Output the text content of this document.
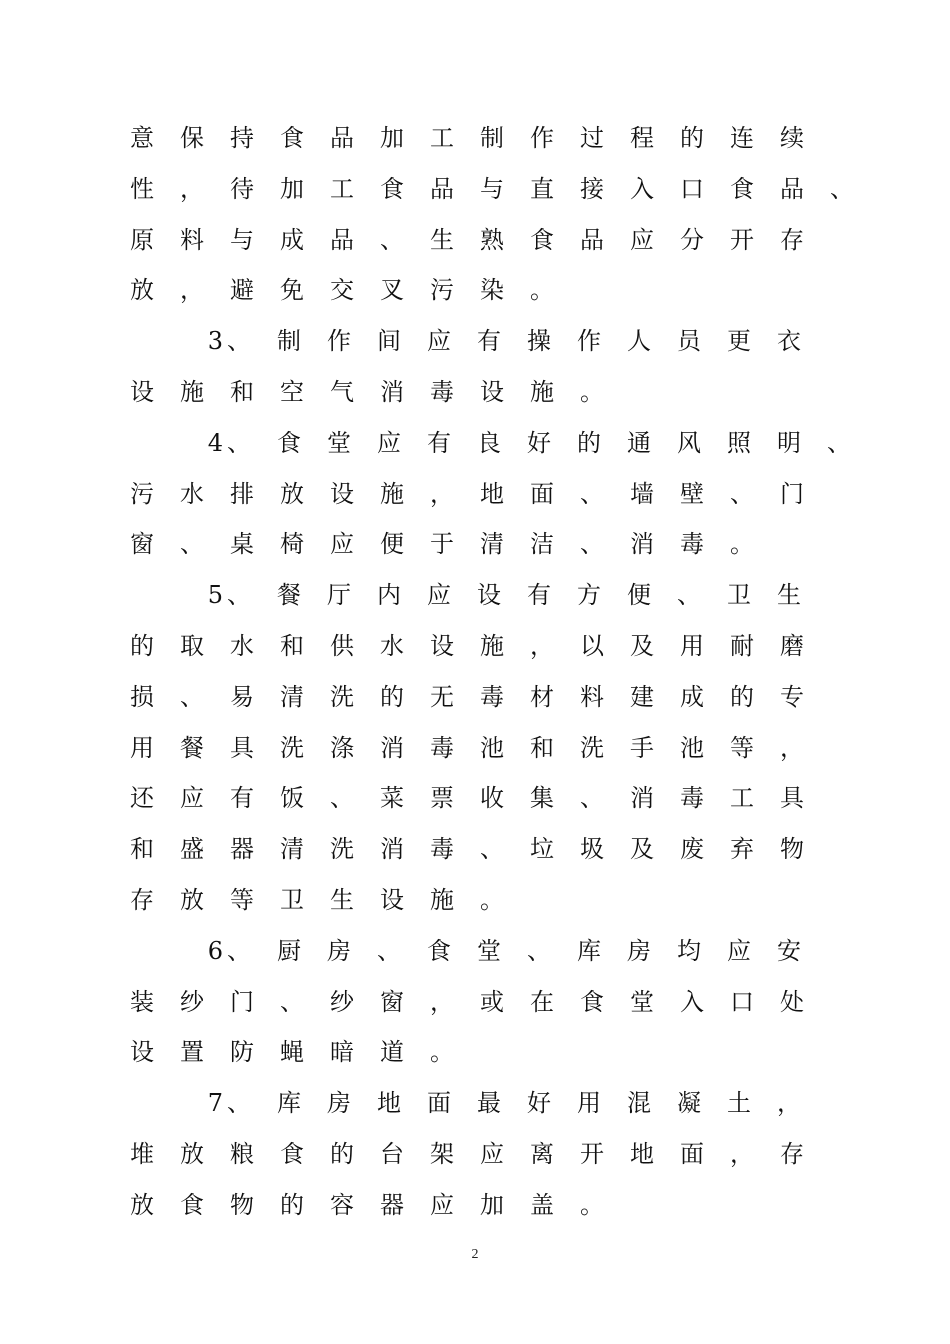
意	保	持	食	品	加	工	制	作	过	程	的	连	续
性	，	待	加	工	食	品	与	直	接	入	口	食	品	、
原	料	与	成	品	、	生	熟	食	品	应	分	开	存
放	，	避	免	交	叉	污	染	。
3 、	制	作	间	应	有	操	作	人	员	更	衣
设	施	和	空	气	消	毒	设	施	。
4 、	食	堂	应	有	良	好	的	通	风	照	明	、
污	水	排	放	设	施	，	地	面	、	墙	壁	、	门
窗	、	桌	椅	应	便	于	清	洁	、	消	毒	。
5 、	餐	厅	内	应	设	有	方	便	、	卫	生
的	取	水	和	供	水	设	施	，	以	及	用	耐	磨
损	、	易	清	洗	的	无	毒	材	料	建	成	的	专
用	餐	具	洗	涤	消	毒	池	和	洗	手	池	等	，
还	应	有	饭	、	菜	票	收	集	、	消	毒	工	具
和	盛	器	清	洗	消	毒	、	垃	圾	及	废	弃	物
存	放	等	卫	生	设	施	。
6 、	厨	房	、	食	堂	、	库	房	均	应	安
装	纱	门	、	纱	窗	，	或	在	食	堂	入	口	处
设	置	防	蝇	暗	道	。
7 、	库	房	地	面	最	好	用	混	凝	土	，
堆	放	粮	食	的	台	架	应	离	开	地	面	，	存
放	食	物	的	容	器	应	加	盖	。
2
